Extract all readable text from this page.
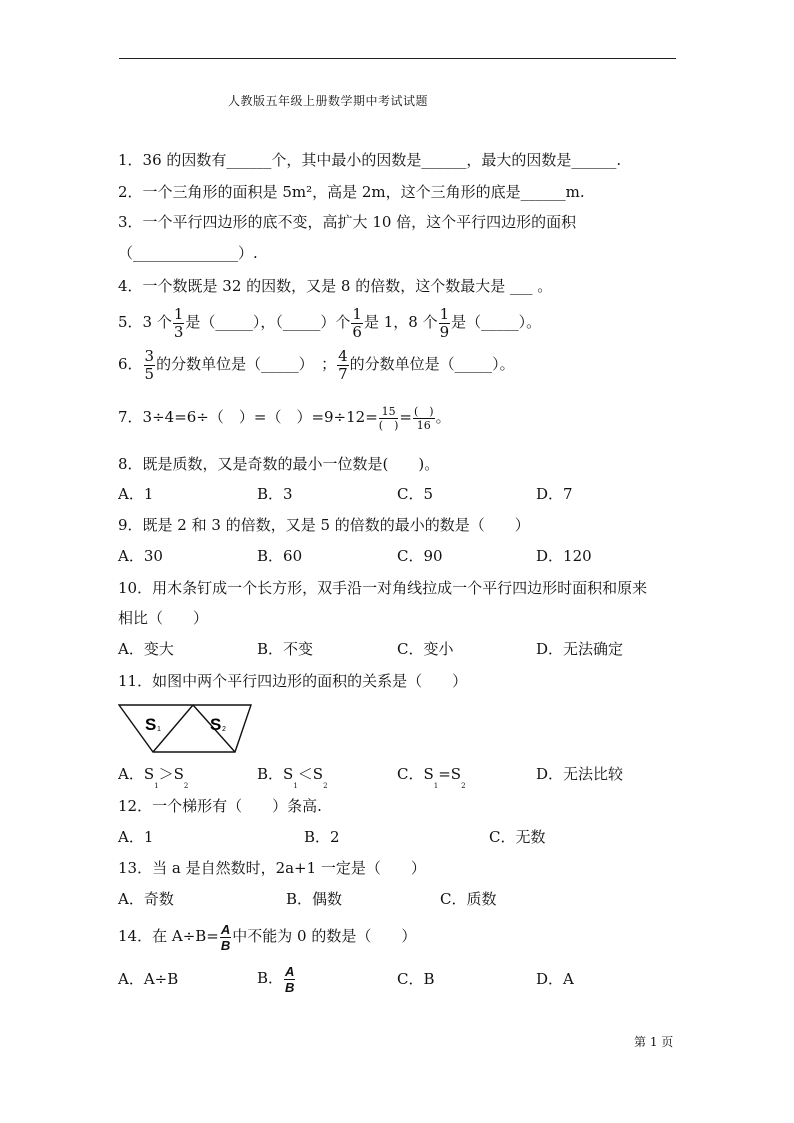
人教版五年级上册数学期中考试试题
1．36 的因数有______个，其中最小的因数是______，最大的因数是______.
2．一个三角形的面积是 5m²，高是 2m，这个三角形的底是______m.
3．一个平行四边形的底不变，高扩大 10 倍，这个平行四边形的面积
（______________）.
4．一个数既是 32 的因数，又是 8 的倍数，这个数最大是 ___ 。
5．3 个 $\frac{1}{3}$ 是（_____），（_____）个 $\frac{1}{6}$ 是 1，8 个 $\frac{1}{9}$ 是（_____）。
6． $\frac{3}{5}$ 的分数单位是（_____）　； $\frac{4}{7}$ 的分数单位是（_____）。
7．3÷4=6÷（　）=（　）$=9\div 12= \frac{15}{( )} = \frac{( )}{16}$ 。
8．既是质数，又是奇数的最小一位数是(　　)。
A．1	B．3	C．5	D．7
9．既是 2 和 3 的倍数，又是 5 的倍数的最小的数是（　　）
A．30	B．60	C．90	D．120
10．用木条钉成一个长方形，双手沿一对角线拉成一个平行四边形时面积和原来
相比（　　）
A．变大	B．不变	C．变小	D．无法确定
11．如图中两个平行四边形的面积的关系是（　　）
S 1	S 2
A．$S_1>S_2$
B．$S_1<S_2$
C．$S_1=S_2$
D．无法比较
12．一个梯形有（　　）条高.
A．1	B．2	C．无数
13．当 a 是自然数时，2a+1 一定是（　　）
A．奇数	B．偶数	C．质数
14．在 $A\div B= \frac{A}{B}$ 中不能为 0 的数是（　　）
A．A÷B	B． $\frac{A}{B}$	C．B	D．A
第 1 页
